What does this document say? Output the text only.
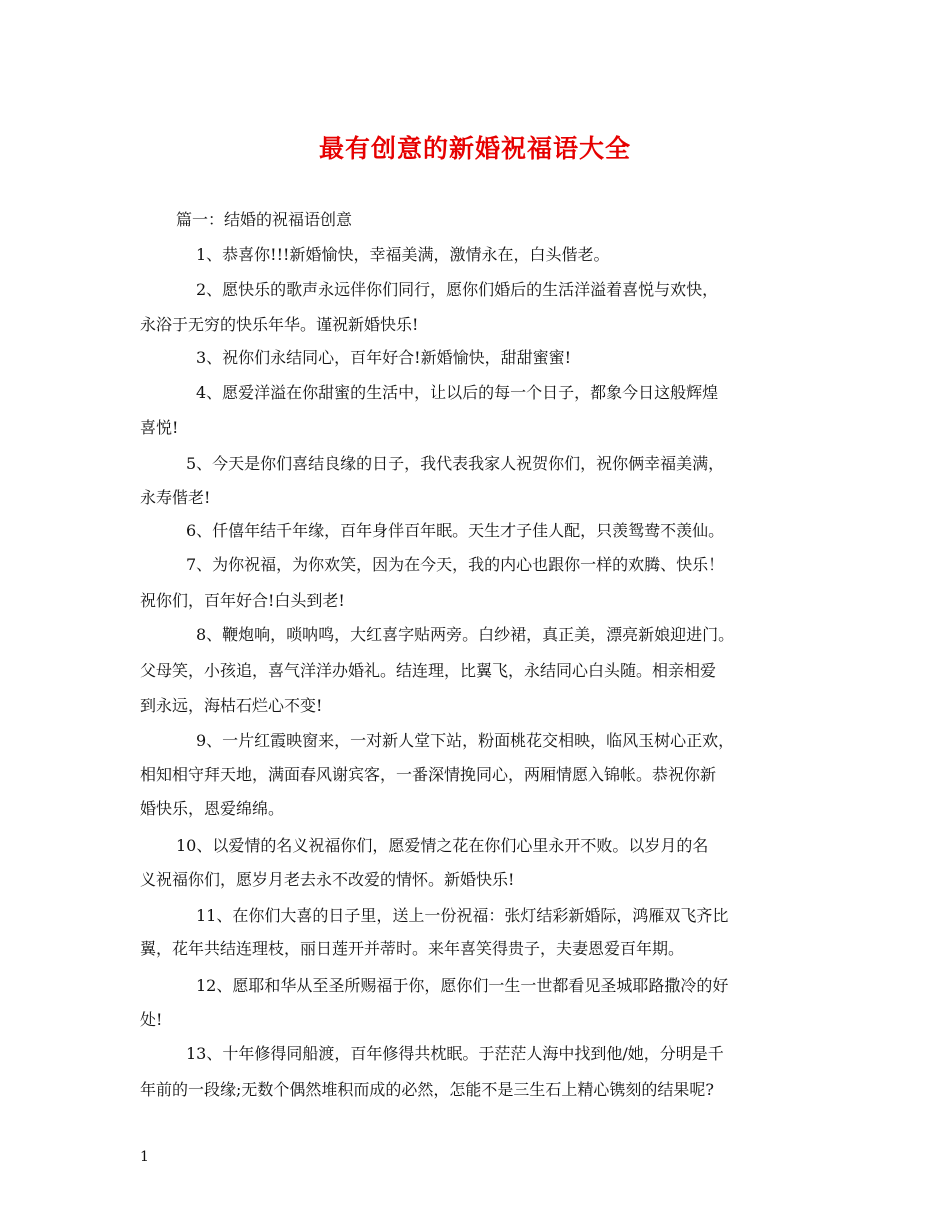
最有创意的新婚祝福语大全
篇一：结婚的祝福语创意
1、恭喜你!!!新婚愉快，幸福美满，激情永在，白头偕老。
2、愿快乐的歌声永远伴你们同行，愿你们婚后的生活洋溢着喜悦与欢快，
永浴于无穷的快乐年华。谨祝新婚快乐!
3、祝你们永结同心，百年好合!新婚愉快，甜甜蜜蜜!
4、愿爱洋溢在你甜蜜的生活中，让以后的每一个日子，都象今日这般辉煌
喜悦!
5、今天是你们喜结良缘的日子，我代表我家人祝贺你们，祝你俩幸福美满，
永寿偕老!
6、仟僖年结千年缘，百年身伴百年眠。天生才子佳人配，只羡鸳鸯不羡仙。
7、为你祝福，为你欢笑，因为在今天，我的内心也跟你一样的欢腾、快乐！
祝你们，百年好合!白头到老!
8、鞭炮响，唢呐鸣，大红喜字贴两旁。白纱裙，真正美，漂亮新娘迎进门。
父母笑，小孩追，喜气洋洋办婚礼。结连理，比翼飞，永结同心白头随。相亲相爱
到永远，海枯石烂心不变!
9、一片红霞映窗来，一对新人堂下站，粉面桃花交相映，临风玉树心正欢，
相知相守拜天地，满面春风谢宾客，一番深情挽同心，两厢情愿入锦帐。恭祝你新
婚快乐，恩爱绵绵。
10、以爱情的名义祝福你们，愿爱情之花在你们心里永开不败。以岁月的名
义祝福你们，愿岁月老去永不改爱的情怀。新婚快乐!
11、在你们大喜的日子里，送上一份祝福：张灯结彩新婚际，鸿雁双飞齐比
翼，花年共结连理枝，丽日莲开并蒂时。来年喜笑得贵子，夫妻恩爱百年期。
12、愿耶和华从至圣所赐福于你，愿你们一生一世都看见圣城耶路撒冷的好
处!
13、十年修得同船渡，百年修得共枕眠。于茫茫人海中找到他/她，分明是千
年前的一段缘;无数个偶然堆积而成的必然，怎能不是三生石上精心镌刻的结果呢?
1
